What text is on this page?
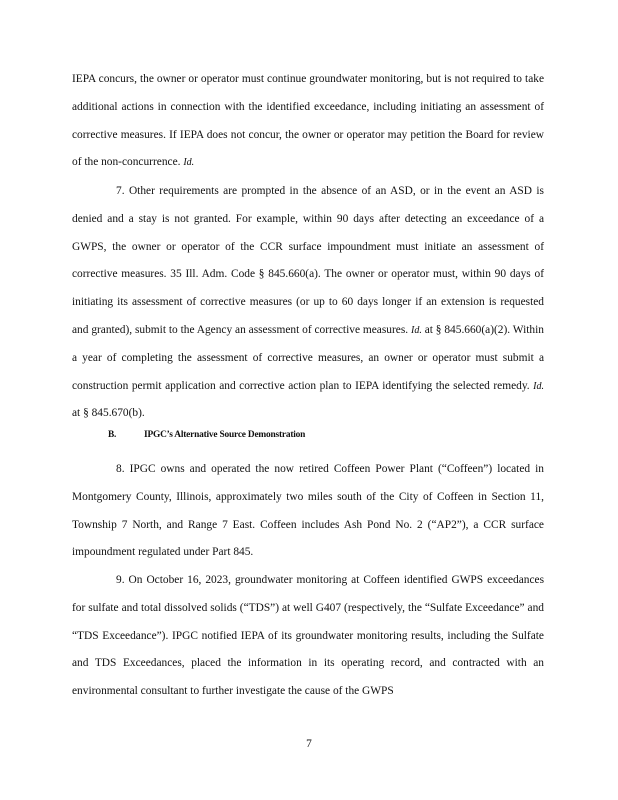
IEPA concurs, the owner or operator must continue groundwater monitoring, but is not required to take additional actions in connection with the identified exceedance, including initiating an assessment of corrective measures. If IEPA does not concur, the owner or operator may petition the Board for review of the non-concurrence. Id.

7. Other requirements are prompted in the absence of an ASD, or in the event an ASD is denied and a stay is not granted. For example, within 90 days after detecting an exceedance of a GWPS, the owner or operator of the CCR surface impoundment must initiate an assessment of corrective measures. 35 Ill. Adm. Code § 845.660(a). The owner or operator must, within 90 days of initiating its assessment of corrective measures (or up to 60 days longer if an extension is requested and granted), submit to the Agency an assessment of corrective measures. Id. at § 845.660(a)(2). Within a year of completing the assessment of corrective measures, an owner or operator must submit a construction permit application and corrective action plan to IEPA identifying the selected remedy. Id. at § 845.670(b).

B.	IPGC’s Alternative Source Demonstration

8. IPGC owns and operated the now retired Coffeen Power Plant (“Coffeen”) located in Montgomery County, Illinois, approximately two miles south of the City of Coffeen in Section 11, Township 7 North, and Range 7 East. Coffeen includes Ash Pond No. 2 (“AP2”), a CCR surface impoundment regulated under Part 845.

9. On October 16, 2023, groundwater monitoring at Coffeen identified GWPS exceedances for sulfate and total dissolved solids (“TDS”) at well G407 (respectively, the “Sulfate Exceedance” and “TDS Exceedance”). IPGC notified IEPA of its groundwater monitoring results, including the Sulfate and TDS Exceedances, placed the information in its operating record, and contracted with an environmental consultant to further investigate the cause of the GWPS

7
